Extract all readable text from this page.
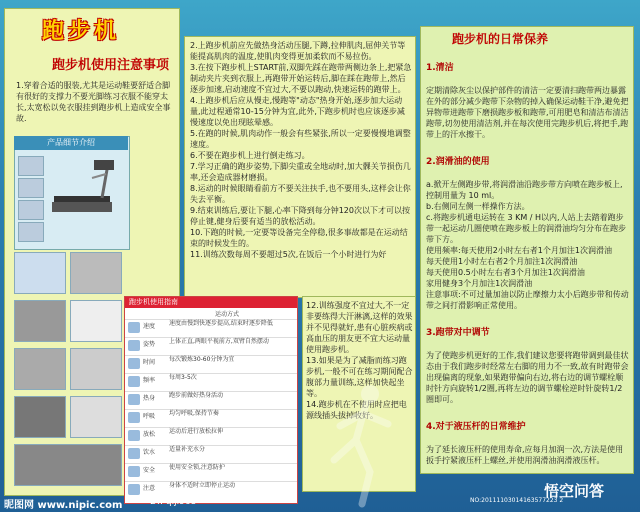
跑步机
跑步机使用注意事项

1.穿着合适的服装,尤其是运动鞋要舒适合脚有很好的支撑力不要光脚练习衣服不能穿太长,太宽松以免衣服挂到跑步机上造成安全事故.

产品细节介绍

2.上跑步机前应先做热身活动压腿,下蹲,拉伸肌肉,屈伸关节等能提高肌肉的温度,使肌肉变得更加柔软而不易拉伤。

3.在按下跑步机上START前,双脚先踩在跑带两侧边条上,把紧急制动夹片夹到衣服上,再跑带开始运转后,脚在踩在跑带上,然后逐步加速,启动速度不宜过大,不要以跑动,快速运转的跑带上。

4.上跑步机后应从慢走,慢跑等"动态"热身开始,逐步加大运动量,此过程通常10-15分钟为宜,此外,下跑步机时也应该逐步减慢速度以免出现眩晕感。

5.在跑的时候,肌肉动作一般会有些紧张,所以一定要慢慢地调整速度。

6.不要在跑步机上进行倒走练习。

7.学习正确的跑步姿势,下脚尖重或全地动时,加大髁关节损伤几率,还会造成器材磨损。

8.运动的时候眼睛看前方不要关注扶手,也不要用头,这样会让你失去平衡。

9.结束训练后,要让下腿,心率下降到每分钟120次以下才可以按停止键,健身后要有适当的放松活动。

10.下跑的时候,一定要等设备完全停稳,很多事故都是在运动结束的时候发生的。

11.训练次数每周不要超过5次,在饭后一个小时进行为好

跑步机使用指南
运动方式
速度	速度由慢到快逐步提高,结束时逐步降低
姿势	上体正直,两眼平视前方,双臂自然摆动
时间	每次锻炼30-60分钟为宜
频率	每周3-5次
热身	跑步前做好热身活动
呼吸	均匀呼吸,保持节奏
放松	运动后进行放松拉伸
饮水	适量补充水分
安全	使用安全锁,注意防护
注意	身体不适时立即停止运动

12.训练强度不宜过大,不一定非要练得大汗淋漓,这样的效果并不见得就好,患有心脏疾病或高血压的朋友更不宜大运动量使用跑步机。

13.如果是为了减脂而练习跑步机,一般不可在练习期间配合腹部力量训练,这样加快起坐等。

14.跑步机在不使用时应把电源线插头拔掉收好。

跑步机的日常保养

1.清洁

定期清除灰尘以保护部件的清洁一定要清扫跑带两边暴露在外的部分减少跑带下杂物的掉入确保运动鞋干净,避免把异物带进跑带下磨损跑步板和跑带,可用肥皂和清洁布清洁跑带,切勿使用清洁剂,并在每次使用完跑步机后,将把手,跑带上的汗水擦干。

2.润滑油的使用

a.掀开左侧跑步带,将润滑油沿跑步带方向喷在跑步板上,控制用量为 10 ml。
b.右侧同左侧一样操作方法。
c.将跑步机通电运转在 3 KM / H以内,人站上去踏着跑步带一起运动几圈使喷在跑步板上的润滑油均匀分布在跑步带下方。
使用频率:每天使用2小时左右者1个月加注1次润滑油
每天使用1小时左右者2个月加注1次润滑油
每天使用0.5小时左右者3个月加注1次润滑油
家用健身3个月加注1次润滑油
注意事项:不可过量加油以防止摩擦力太小后跑步带和传动带之间打滑影响正常使用。

3.跑带对中调节

为了使跑步机更好的工作,我们建议您要将跑带调到最佳状态由于我们跑步时经常左右脚的用力不一致,故有时跑带会出现偏离的现象,如果跑带偏向右边,将右边的调节螺栓顺时针方向旋转1/2圈,再将左边的调节螺栓逆时针旋转1/2圈即可。

4.对于液压杆的日常维护

为了延长液压杆的使用寿命,应每月加润一次,方法是使用扳手拧紧液压杆上螺丝,并使用润滑油润滑液压杆。

昵图网 www.nipic.com	BY: qiji968	NO:20111103014163577223 2
悟空问答
